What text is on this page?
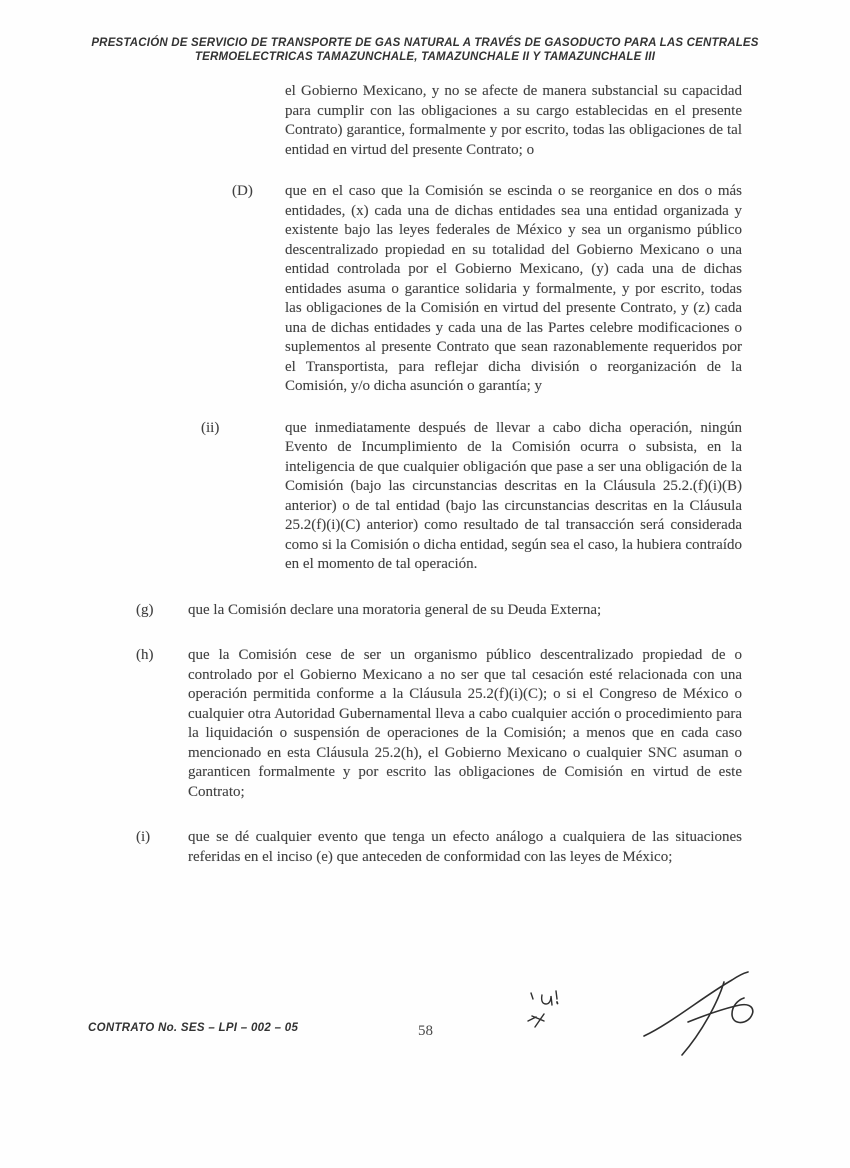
PRESTACIÓN DE SERVICIO DE TRANSPORTE DE GAS NATURAL A TRAVÉS DE GASODUCTO PARA LAS CENTRALES
TERMOELECTRICAS TAMAZUNCHALE, TAMAZUNCHALE II Y TAMAZUNCHALE III
el Gobierno Mexicano, y no se afecte de manera substancial su capacidad para cumplir con las obligaciones a su cargo establecidas en el presente Contrato) garantice, formalmente y por escrito, todas las obligaciones de tal entidad en virtud del presente Contrato; o
(D) que en el caso que la Comisión se escinda o se reorganice en dos o más entidades, (x) cada una de dichas entidades sea una entidad organizada y existente bajo las leyes federales de México y sea un organismo público descentralizado propiedad en su totalidad del Gobierno Mexicano o una entidad controlada por el Gobierno Mexicano, (y) cada una de dichas entidades asuma o garantice solidaria y formalmente, y por escrito, todas las obligaciones de la Comisión en virtud del presente Contrato, y (z) cada una de dichas entidades y cada una de las Partes celebre modificaciones o suplementos al presente Contrato que sean razonablemente requeridos por el Transportista, para reflejar dicha división o reorganización de la Comisión, y/o dicha asunción o garantía; y
(ii)	que inmediatamente después de llevar a cabo dicha operación, ningún Evento de Incumplimiento de la Comisión ocurra o subsista, en la inteligencia de que cualquier obligación que pase a ser una obligación de la Comisión (bajo las circunstancias descritas en la Cláusula 25.2.(f)(i)(B) anterior) o de tal entidad (bajo las circunstancias descritas en la Cláusula 25.2(f)(i)(C) anterior) como resultado de tal transacción será considerada como si la Comisión o dicha entidad, según sea el caso, la hubiera contraído en el momento de tal operación.
(g) que la Comisión declare una moratoria general de su Deuda Externa;
(h) que la Comisión cese de ser un organismo público descentralizado propiedad de o controlado por el Gobierno Mexicano a no ser que tal cesación esté relacionada con una operación permitida conforme a la Cláusula 25.2(f)(i)(C); o si el Congreso de México o cualquier otra Autoridad Gubernamental lleva a cabo cualquier acción o procedimiento para la liquidación o suspensión de operaciones de la Comisión; a menos que en cada caso mencionado en esta Cláusula 25.2(h), el Gobierno Mexicano o cualquier SNC asuman o garanticen formalmente y por escrito las obligaciones de Comisión en virtud de este Contrato;
(i)	que se dé cualquier evento que tenga un efecto análogo a cualquiera de las situaciones referidas en el inciso (e) que anteceden de conformidad con las leyes de México;
CONTRATO No. SES – LPI – 002 – 05	58
